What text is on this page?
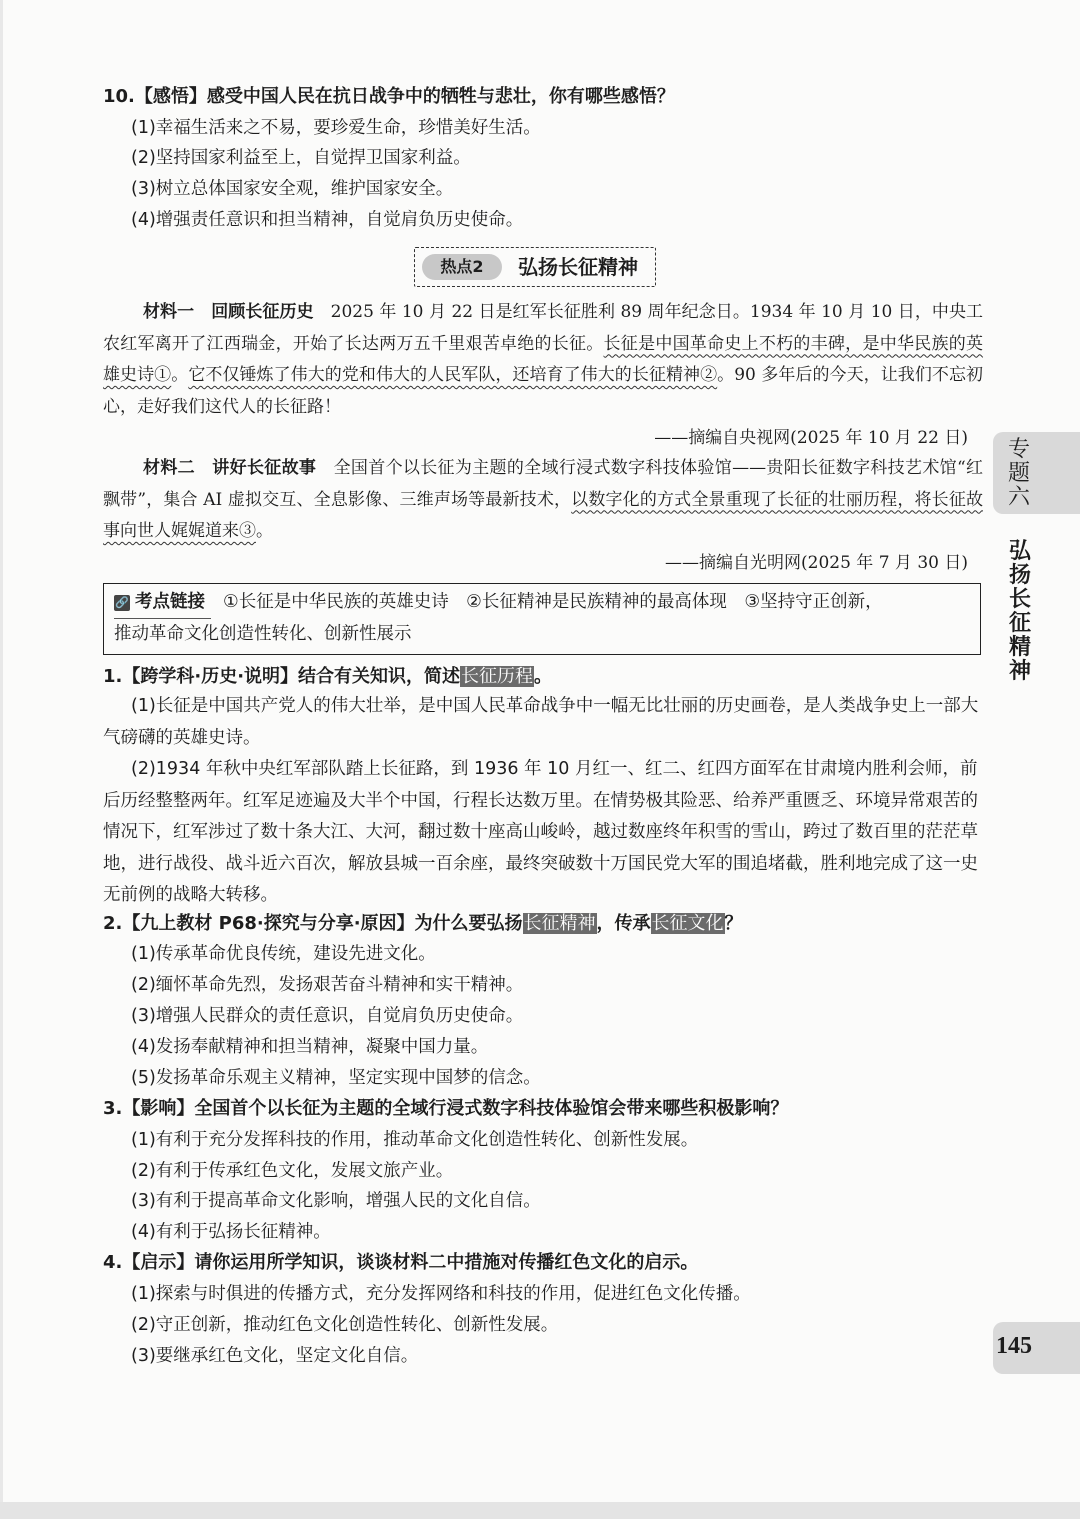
10.【感悟】感受中国人民在抗日战争中的牺牲与悲壮，你有哪些感悟？
(1)幸福生活来之不易，要珍爱生命，珍惜美好生活。
(2)坚持国家利益至上，自觉捍卫国家利益。
(3)树立总体国家安全观，维护国家安全。
(4)增强责任意识和担当精神，自觉肩负历史使命。
热点2	弘扬长征精神
材料一　回顾长征历史　 2025 年 10 月 22 日是红军长征胜利 89 周年纪念日。1934 年 10 月 10 日，中央工农红军离开了江西瑞金，开始了长达两万五千里艰苦卓绝的长征。长征是中国革命史上不朽的丰碑，是中华民族的英雄史诗①。它不仅锤炼了伟大的党和伟大的人民军队，还培育了伟大的长征精神②。90 多年后的今天，让我们不忘初心，走好我们这代人的长征路！
——摘编自央视网(2025 年 10 月 22 日)
材料二　讲好长征故事　 全国首个以长征为主题的全域行浸式数字科技体验馆——贵阳长征数字科技艺术馆“红飘带”，集合 AI 虚拟交互、全息影像、三维声场等最新技术，以数字化的方式全景重现了长征的壮丽历程，将长征故事向世人娓娓道来③。
——摘编自光明网(2025 年 7 月 30 日)
🔗 考点链接 ①长征是中华民族的英雄史诗　②长征精神是民族精神的最高体现　③坚持守正创新，
推动革命文化创造性转化、创新性展示
1.【跨学科·历史·说明】结合有关知识，简述长征历程。
(1)长征是中国共产党人的伟大壮举，是中国人民革命战争中一幅无比壮丽的历史画卷，是人类战争史上一部大气磅礴的英雄史诗。
(2)1934 年秋中央红军部队踏上长征路，到 1936 年 10 月红一、红二、红四方面军在甘肃境内胜利会师，前后历经整整两年。红军足迹遍及大半个中国，行程长达数万里。在情势极其险恶、给养严重匮乏、环境异常艰苦的情况下，红军涉过了数十条大江、大河，翻过数十座高山峻岭，越过数座终年积雪的雪山，跨过了数百里的茫茫草地，进行战役、战斗近六百次，解放县城一百余座，最终突破数十万国民党大军的围追堵截，胜利地完成了这一史无前例的战略大转移。
2.【九上教材 P68·探究与分享·原因】为什么要弘扬长征精神，传承长征文化？
(1)传承革命优良传统，建设先进文化。
(2)缅怀革命先烈，发扬艰苦奋斗精神和实干精神。
(3)增强人民群众的责任意识，自觉肩负历史使命。
(4)发扬奉献精神和担当精神，凝聚中国力量。
(5)发扬革命乐观主义精神，坚定实现中国梦的信念。
3.【影响】全国首个以长征为主题的全域行浸式数字科技体验馆会带来哪些积极影响？
(1)有利于充分发挥科技的作用，推动革命文化创造性转化、创新性发展。
(2)有利于传承红色文化，发展文旅产业。
(3)有利于提高革命文化影响，增强人民的文化自信。
(4)有利于弘扬长征精神。
4.【启示】请你运用所学知识，谈谈材料二中措施对传播红色文化的启示。
(1)探索与时俱进的传播方式，充分发挥网络和科技的作用，促进红色文化传播。
(2)守正创新，推动红色文化创造性转化、创新性发展。
(3)要继承红色文化，坚定文化自信。
专题六
弘扬长征精神
145
